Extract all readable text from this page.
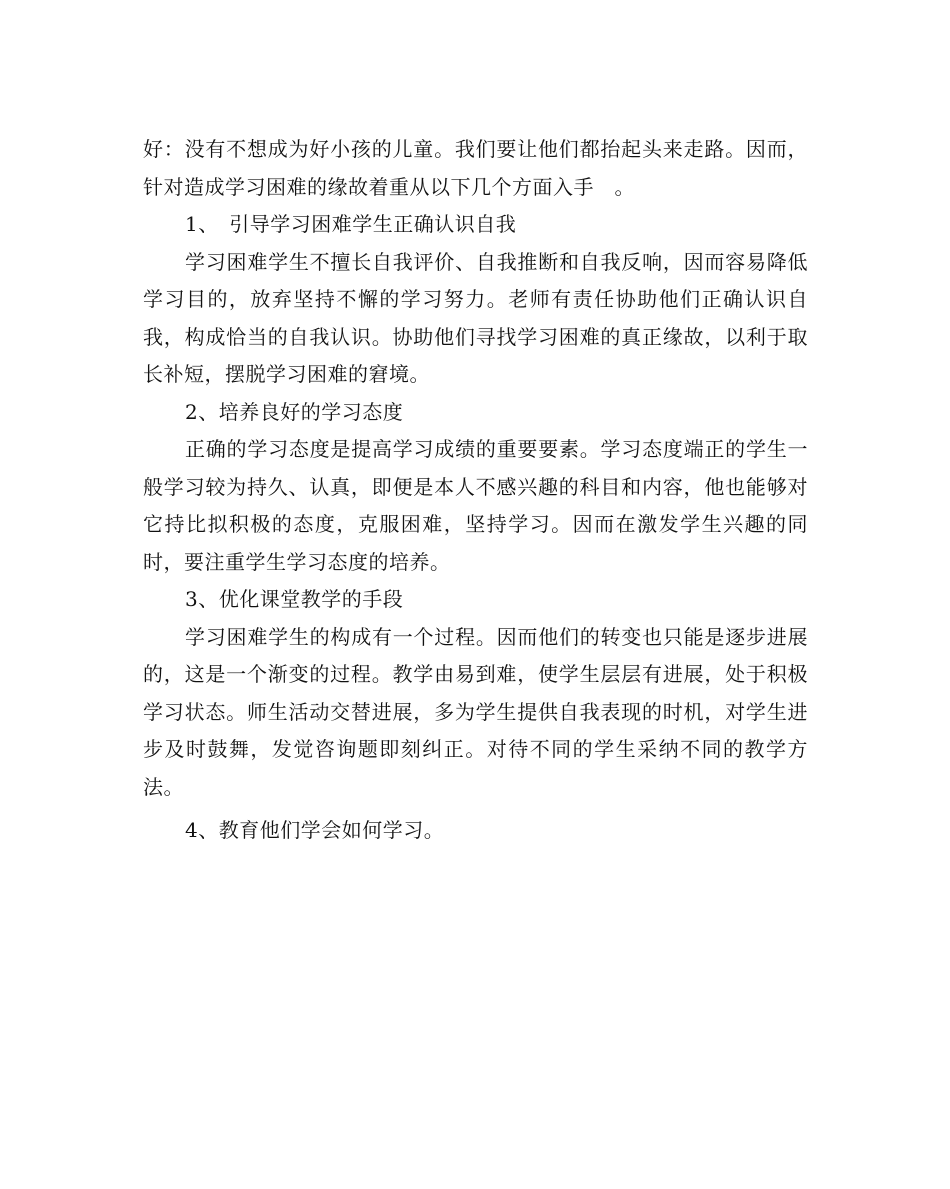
好：没有不想成为好小孩的儿童。我们要让他们都抬起头来走路。因而，针对造成学习困难的缘故着重从以下几个方面入手　。

1、　引导学习困难学生正确认识自我

学习困难学生不擅长自我评价、自我推断和自我反响，因而容易降低学习目的，放弃坚持不懈的学习努力。老师有责任协助他们正确认识自我，构成恰当的自我认识。协助他们寻找学习困难的真正缘故，以利于取长补短，摆脱学习困难的窘境。

2、培养良好的学习态度

正确的学习态度是提高学习成绩的重要要素。学习态度端正的学生一般学习较为持久、认真，即便是本人不感兴趣的科目和内容，他也能够对它持比拟积极的态度，克服困难，坚持学习。因而在激发学生兴趣的同时，要注重学生学习态度的培养。

3、优化课堂教学的手段

学习困难学生的构成有一个过程。因而他们的转变也只能是逐步进展的，这是一个渐变的过程。教学由易到难，使学生层层有进展，处于积极学习状态。师生活动交替进展，多为学生提供自我表现的时机，对学生进步及时鼓舞，发觉咨询题即刻纠正。对待不同的学生采纳不同的教学方法。

4、教育他们学会如何学习。
